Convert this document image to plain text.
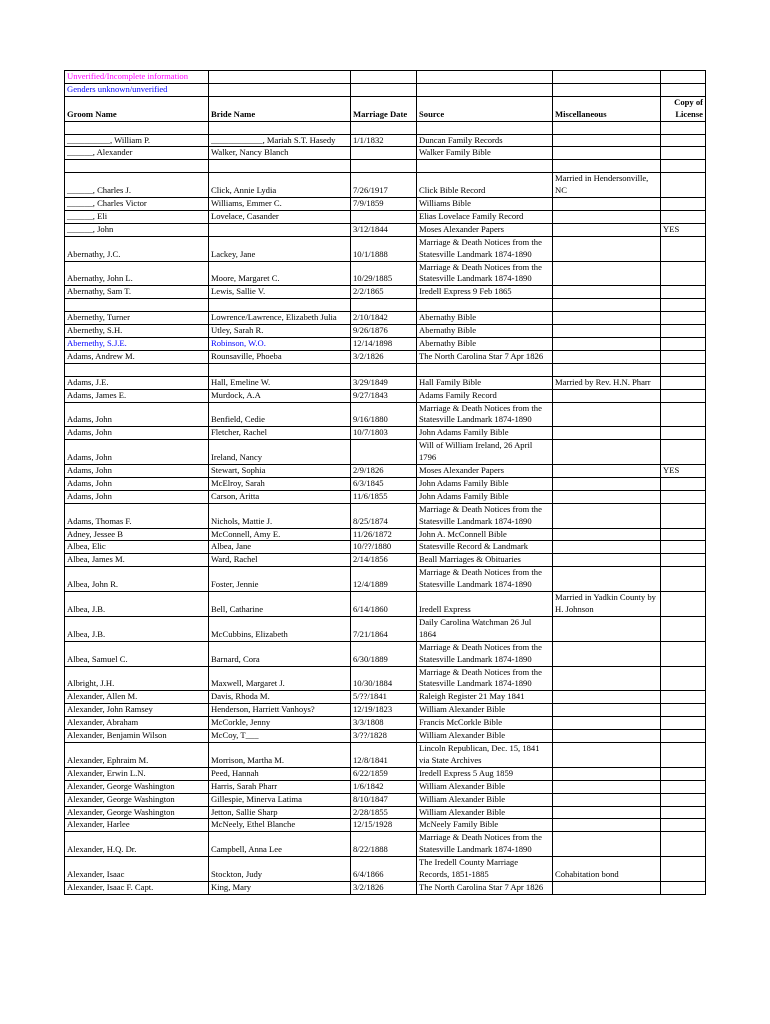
Unverified/Incomplete information					
Genders unknown/unverified					
Groom Name	Bride Name	Marriage Date	Source	Miscellaneous	Copy of License

__________, William P.	____________, Mariah S.T. Hasedy	1/1/1832	Duncan Family Records		
______, Alexander	Walker, Nancy Blanch		Walker Family Bible		

______, Charles J.	Click, Annie Lydia	7/26/1917	Click Bible Record	Married in Hendersonville, NC	
______, Charles Victor	Williams, Emmer C.	7/9/1859	Williams Bible		
______, Eli	Lovelace, Casander		Elias Lovelace Family Record		
______, John		3/12/1844	Moses Alexander Papers		YES
Abernathy, J.C.	Lackey, Jane	10/1/1888	Marriage & Death Notices from the Statesville Landmark 1874-1890		
Abernathy, John L.	Moore, Margaret C.	10/29/1885	Marriage & Death Notices from the Statesville Landmark 1874-1890		
Abernathy, Sam T.	Lewis, Sallie V.	2/2/1865	Iredell Express 9 Feb 1865		

Abernethy, Turner	Lowrence/Lawrence, Elizabeth Julia	2/10/1842	Abernathy Bible		
Abernethy, S.H.	Utley, Sarah R.	9/26/1876	Abernathy Bible		
Abernethy, S.J.E.	Robinson, W.O.	12/14/1898	Abernathy Bible		
Adams, Andrew M.	Rounsaville, Phoeba	3/2/1826	The North Carolina Star 7 Apr 1826		

Adams, J.E.	Hall, Emeline W.	3/29/1849	Hall Family Bible	Married by Rev. H.N. Pharr	
Adams, James E.	Murdock, A.A	9/27/1843	Adams Family Record		
Adams, John	Benfield, Cedie	9/16/1880	Marriage & Death Notices from the Statesville Landmark 1874-1890		
Adams, John	Fletcher, Rachel	10/7/1803	John Adams Family Bible		
Adams, John	Ireland, Nancy		Will of William Ireland, 26 April 1796		
Adams, John	Stewart, Sophia	2/9/1826	Moses Alexander Papers		YES
Adams, John	McElroy, Sarah	6/3/1845	John Adams Family Bible		
Adams, John	Carson, Aritta	11/6/1855	John Adams Family Bible		
Adams, Thomas F.	Nichols, Mattie J.	8/25/1874	Marriage & Death Notices from the Statesville Landmark 1874-1890		
Adney, Jessee B	McConnell, Amy E.	11/26/1872	John A. McConnell Bible		
Albea, Elic	Albea, Jane	10/??/1880	Statesville Record & Landmark		
Albea, James M.	Ward, Rachel	2/14/1856	Beall Marriages & Obituaries		
Albea, John R.	Foster, Jennie	12/4/1889	Marriage & Death Notices from the Statesville Landmark 1874-1890		
Albea, J.B.	Bell, Catharine	6/14/1860	Iredell Express	Married in Yadkin County by H. Johnson	
Albea, J.B.	McCubbins, Elizabeth	7/21/1864	Daily Carolina Watchman 26 Jul 1864		
Albea, Samuel C.	Barnard, Cora	6/30/1889	Marriage & Death Notices from the Statesville Landmark 1874-1890		
Albright, J.H.	Maxwell, Margaret J.	10/30/1884	Marriage & Death Notices from the Statesville Landmark 1874-1890		
Alexander, Allen M.	Davis, Rhoda M.	5/??/1841	Raleigh Register 21 May 1841		
Alexander, John Ramsey	Henderson, Harriett Vanhoys?	12/19/1823	William Alexander Bible		
Alexander, Abraham	McCorkle, Jenny	3/3/1808	Francis McCorkle Bible		
Alexander, Benjamin Wilson	McCoy, T___	3/??/1828	William Alexander Bible		
Alexander, Ephraim M.	Morrison, Martha M.	12/8/1841	Lincoln Republican, Dec. 15, 1841 via State Archives		
Alexander, Erwin L.N.	Peed, Hannah	6/22/1859	Iredell Express 5 Aug 1859		
Alexander, George Washington	Harris, Sarah Pharr	1/6/1842	William Alexander Bible		
Alexander, George Washington	Gillespie, Minerva Latima	8/10/1847	William Alexander Bible		
Alexander, George Washington	Jetton, Sallie Sharp	2/28/1855	William Alexander Bible		
Alexander, Harlee	McNeely, Ethel Blanche	12/15/1928	McNeely Family Bible		
Alexander, H.Q. Dr.	Campbell, Anna Lee	8/22/1888	Marriage & Death Notices from the Statesville Landmark 1874-1890		
Alexander, Isaac	Stockton, Judy	6/4/1866	The Iredell County Marriage Records, 1851-1885	Cohabitation bond	
Alexander, Isaac F. Capt.	King, Mary	3/2/1826	The North Carolina Star 7 Apr 1826		
